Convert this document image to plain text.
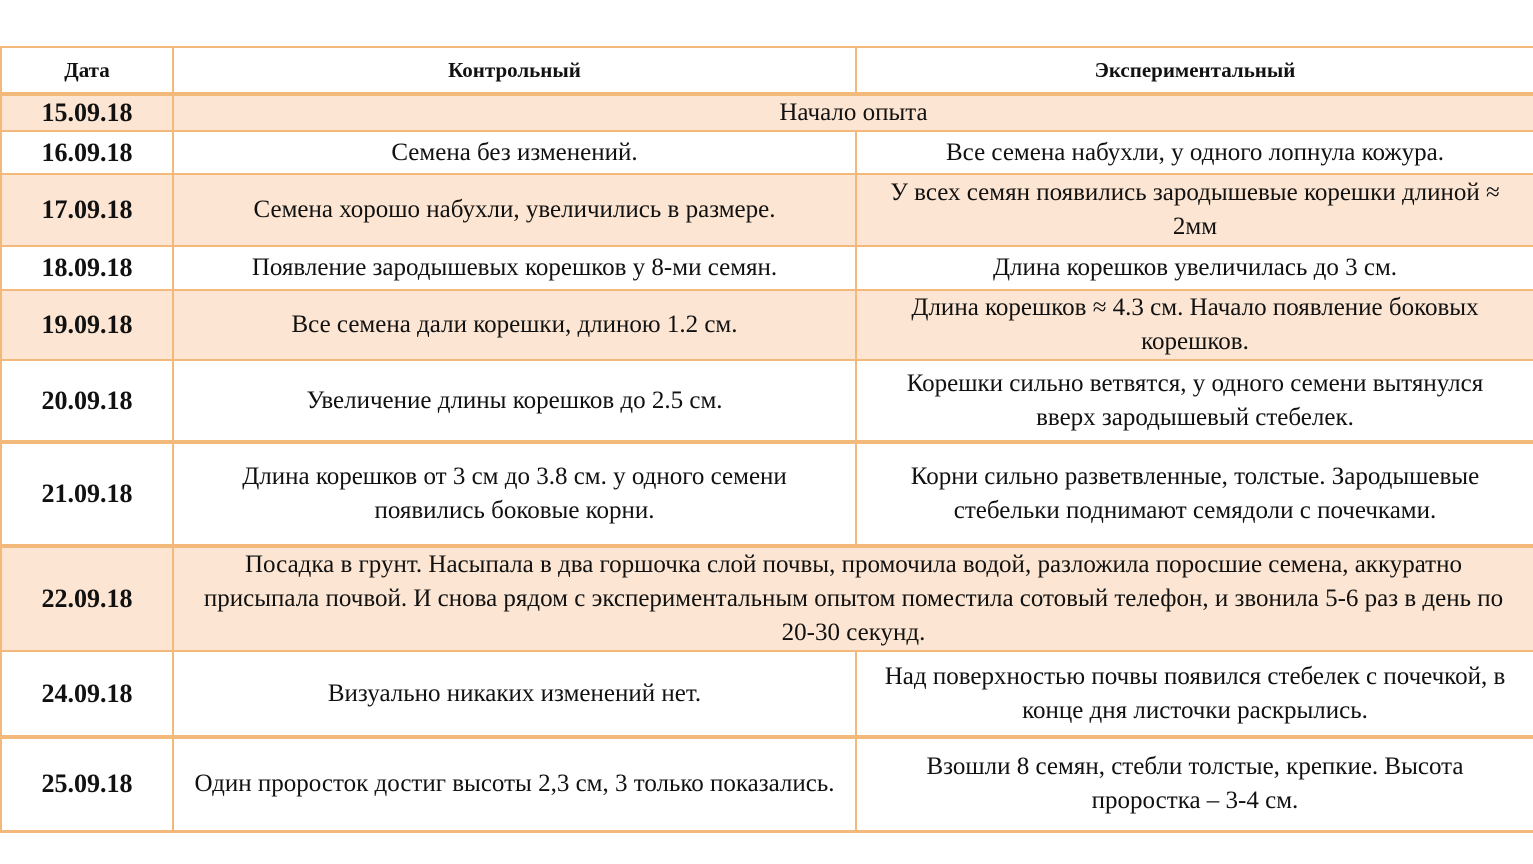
Дата	Контрольный	Экспериментальный
15.09.18	Начало опыта	
16.09.18	Семена без изменений.	Все семена набухли, у одного лопнула кожура.
17.09.18	Семена хорошо набухли, увеличились в размере.	У всех семян появились зародышевые корешки длиной ≈ 2мм
18.09.18	Появление зародышевых корешков у 8-ми семян.	Длина корешков увеличилась до 3 см.
19.09.18	Все семена дали корешки, длиною 1.2 см.	Длина корешков ≈ 4.3 см. Начало появление боковых корешков.
20.09.18	Увеличение длины корешков до 2.5 см.	Корешки сильно ветвятся, у одного семени вытянулся вверх зародышевый стебелек.
21.09.18	Длина корешков от 3 см до 3.8 см. у одного семени появились боковые корни.	Корни сильно разветвленные, толстые. Зародышевые стебельки поднимают семядоли с почечками.
22.09.18	Посадка в грунт. Насыпала в два горшочка слой почвы, промочила водой, разложила поросшие семена, аккуратно присыпала почвой. И снова рядом с экспериментальным опытом поместила сотовый телефон, и звонила 5-6 раз в день по 20-30 секунд.	
24.09.18	Визуально никаких изменений нет.	Над поверхностью почвы появился стебелек с почечкой, в конце дня листочки раскрылись.
25.09.18	Один проросток достиг высоты 2,3 см, 3 только показались.	Взошли 8 семян, стебли толстые, крепкие. Высота проростка – 3-4 см.
